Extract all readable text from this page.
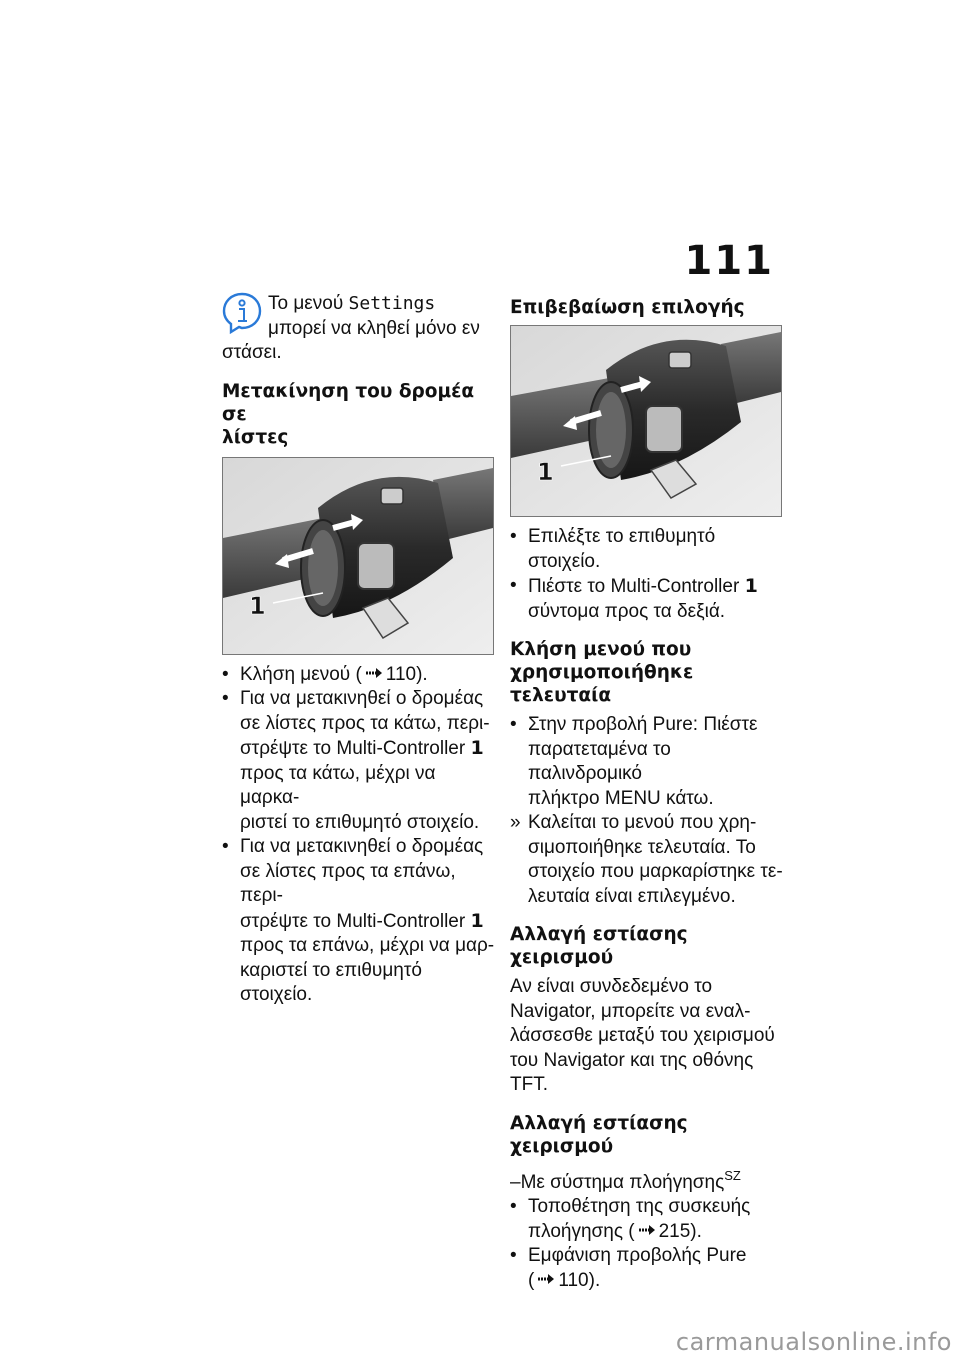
111
Το μενού Settings
μπορεί να κληθεί μόνο εν
στάσει.
Μετακίνηση του δρομέα σε
λίστες
1
• Κλήση μενού ( 110).
• Για να μετακινηθεί ο δρομέας
σε λίστες προς τα κάτω, περι-
στρέψτε το Multi-Controller 1
προς τα κάτω, μέχρι να μαρκα-
ριστεί το επιθυμητό στοιχείο.
• Για να μετακινηθεί ο δρομέας
σε λίστες προς τα επάνω, περι-
στρέψτε το Multi-Controller 1
προς τα επάνω, μέχρι να μαρ-
καριστεί το επιθυμητό στοιχείο.
Επιβεβαίωση επιλογής
1
• Επιλέξτε το επιθυμητό στοιχείο.
• Πιέστε το Multi-Controller 1
σύντομα προς τα δεξιά.
Κλήση μενού που
χρησιμοποιήθηκε τελευταία
• Στην προβολή Pure: Πιέστε
παρατεταμένα το παλινδρομικό
πλήκτρο MENU κάτω.
» Καλείται το μενού που χρη-
σιμοποιήθηκε τελευταία. Το
στοιχείο που μαρκαρίστηκε τε-
λευταία είναι επιλεγμένο.
Αλλαγή εστίασης χειρισμού
Αν είναι συνδεδεμένο το
Navigator, μπορείτε να εναλ-
λάσσεσθε μεταξύ του χειρισμού
του Navigator και της οθόνης
TFT.
Αλλαγή εστίασης χειρισμού
–Με σύστημα πλοήγησης$^{SZ}$
• Τοποθέτηση της συσκευής
πλοήγησης ( 215).
• Εμφάνιση προβολής Pure
( 110).
carmanualsonline.info
